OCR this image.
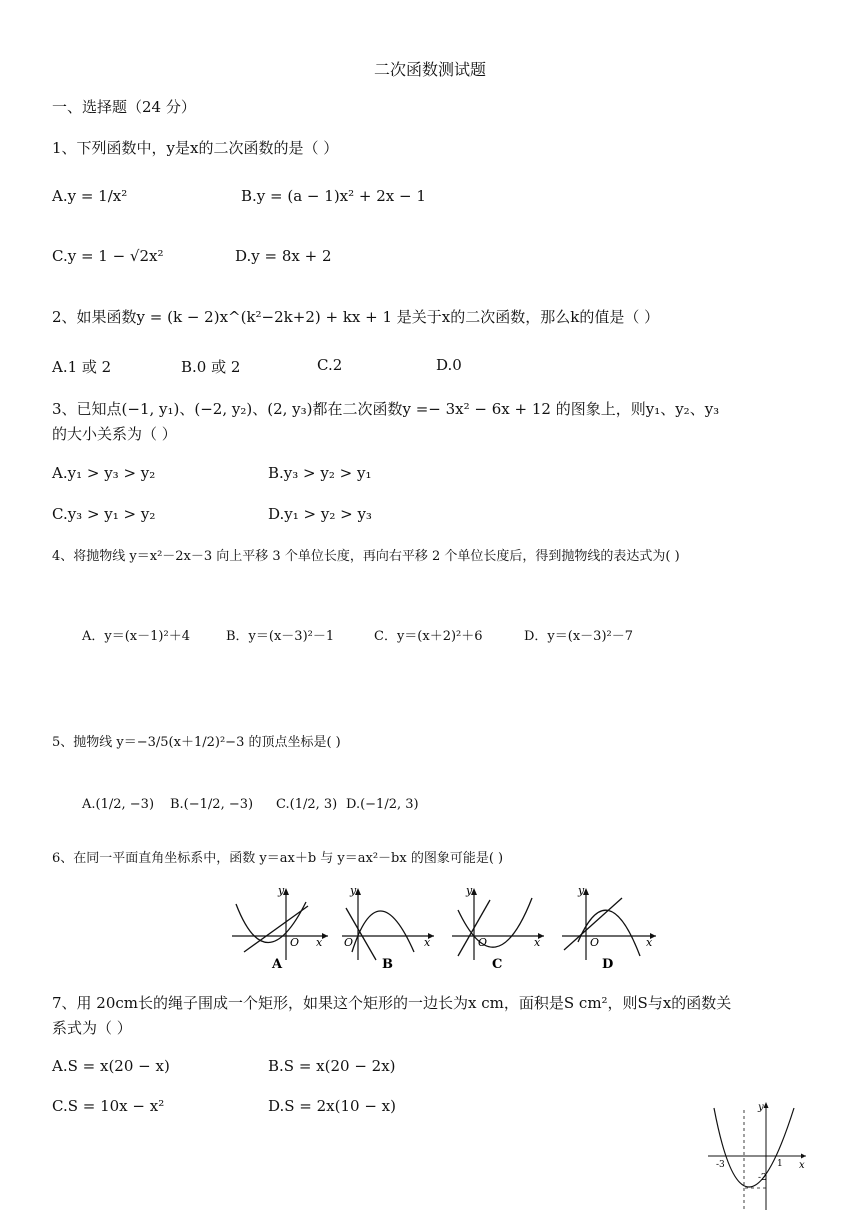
二次函数测试题
一、选择题（24 分）
1、下列函数中，y是x的二次函数的是（ ）
A.y = 1/x²	B.y = (a − 1)x² + 2x − 1
C.y = 1 − √2x²	D.y = 8x + 2
2、如果函数y = (k − 2)x^(k²−2k+2) + kx + 1 是关于x的二次函数，那么k的值是（ ）
A.1 或 2	B.0 或 2	C.2	D.0
3、已知点(−1, y₁)、(−2, y₂)、(2, y₃)都在二次函数y =− 3x² − 6x + 12 的图象上，则y₁、y₂、y₃
的大小关系为（ ）
A.y₁ > y₃ > y₂	B.y₃ > y₂ > y₁
C.y₃ > y₁ > y₂	D.y₁ > y₂ > y₃
4、将抛物线 y＝x²－2x－3 向上平移 3 个单位长度，再向右平移 2 个单位长度后，得到抛物线的表达式为( )
A．y＝(x－1)²＋4	B．y＝(x－3)²－1	C．y＝(x＋2)²＋6	D．y＝(x－3)²－7
5、抛物线 y＝−3/5(x＋1/2)²−3 的顶点坐标是( )
A.(1/2, −3) B.(−1/2, −3) C.(1/2, 3) D.(−1/2, 3)
6、在同一平面直角坐标系中，函数 y＝ax＋b 与 y＝ax²－bx 的图象可能是( )
y
O x
A
y
O	x
B
y
O	x
C
y
O	x
D
7、用 20cm长的绳子围成一个矩形，如果这个矩形的一边长为x cm，面积是S cm²，则S与x的函数关
系式为（ ）
A.S = x(20 − x)	B.S = x(20 − 2x)
C.S = 10x − x²	D.S = 2x(10 − x)	y
x
-3	1
-2
